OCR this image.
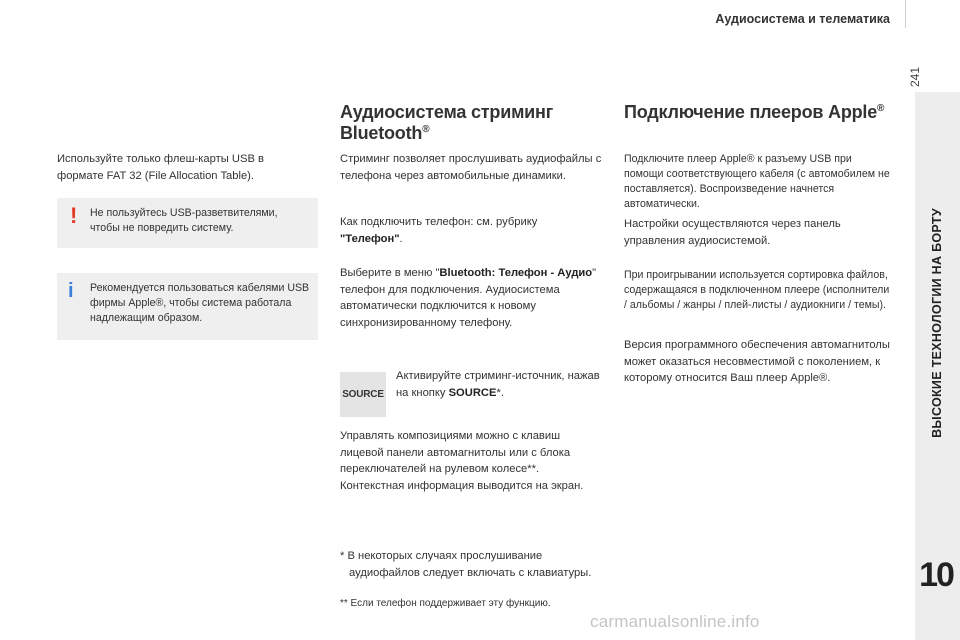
Аудиосистема и телематика
241
ВЫСОКИЕ ТЕХНОЛОГИИ НА БОРТУ
10
Используйте только флеш-карты USB в формате FAT 32 (File Allocation Table).
! Не пользуйтесь USB-разветвителями, чтобы не повредить систему.
i Рекомендуется пользоваться кабелями USB фирмы Apple®, чтобы система работала надлежащим образом.
Аудиосистема стриминг Bluetooth®
Стриминг позволяет прослушивать аудиофайлы с телефона через автомобильные динамики.
Как подключить телефон: см. рубрику "Телефон".
Выберите в меню "Bluetooth: Телефон - Аудио" телефон для подключения. Аудиосистема автоматически подключится к новому синхронизированному телефону.
SOURCE
Активируйте стриминг-источник, нажав на кнопку SOURCE*.
Управлять композициями можно с клавиш лицевой панели автомагнитолы или с блока переключателей на рулевом колесе**. Контекстная информация выводится на экран.
* В некоторых случаях прослушивание аудиофайлов следует включать с клавиатуры.
** Если телефон поддерживает эту функцию.
Подключение плееров Apple®
Подключите плеер Apple® к разъему USB при помощи соответствующего кабеля (с автомобилем не поставляется). Воспроизведение начнется автоматически.
Настройки осуществляются через панель управления аудиосистемой.
При проигрывании используется сортировка файлов, содержащаяся в подключенном плеере (исполнители / альбомы / жанры / плей-листы / аудиокниги / темы).
Версия программного обеспечения автомагнитолы может оказаться несовместимой с поколением, к которому относится Ваш плеер Apple®.
carmanualsonline.info
